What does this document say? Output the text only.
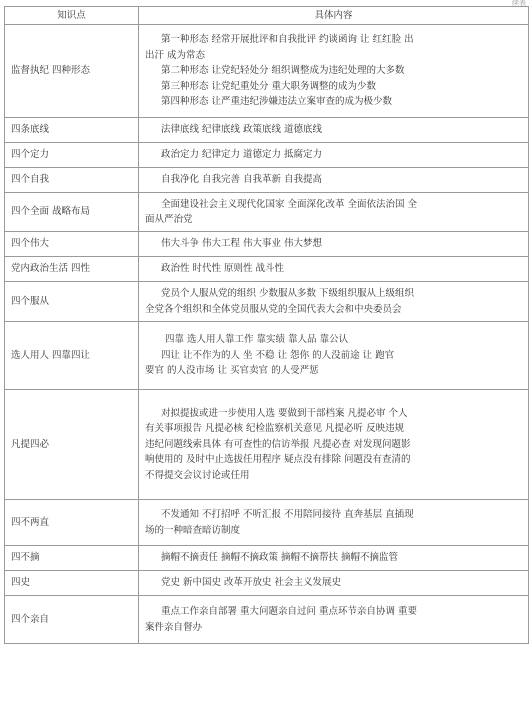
续表
知识点	具体内容
监督执纪 四种形态	第一种形态 经常开展批评和自我批评 约谈函询 让 红红脸 出
出汗 成为常态
第二种形态 让党纪轻处分 组织调整成为违纪处理的大多数
第三种形态 让党纪重处分 重大职务调整的成为少数
第四种形态 让严重违纪涉嫌违法立案审查的成为极少数

四条底线	法律底线 纪律底线 政策底线 道德底线

四个定力	政治定力 纪律定力 道德定力 抵腐定力

四个自我	自我净化 自我完善 自我革新 自我提高

四个全面 战略布局	全面建设社会主义现代化国家 全面深化改革 全面依法治国 全
面从严治党

四个伟大	伟大斗争 伟大工程 伟大事业 伟大梦想

党内政治生活 四性	政治性 时代性 原则性 战斗性

四个服从	党员个人服从党的组织 少数服从多数 下级组织服从上级组织
全党各个组织和全体党员服从党的全国代表大会和中央委员会

选人用人 四靠四让	四靠 选人用人靠工作 靠实绩 靠人品 靠公认
四让 让不作为的人 坐 不稳 让 怨你 的人没前途 让 跑官
要官 的人没市场 让 买官卖官 的人受严惩

凡提四必	对拟提拔或进一步使用人选 要做到干部档案 凡提必审 个人
有关事项报告 凡提必核 纪检监察机关意见 凡提必听 反映违规
违纪问题线索具体 有可查性的信访举报 凡提必查 对发现问题影
响使用的 及时中止选拔任用程序 疑点没有排除 问题没有查清的
不得提交会议讨论或任用

四不两直	不发通知 不打招呼 不听汇报 不用陪同接待 直奔基层 直插现
场的一种暗查暗访制度

四不摘	摘帽不摘责任 摘帽不摘政策 摘帽不摘帮扶 摘帽不摘监管

四史	党史 新中国史 改革开放史 社会主义发展史

四个亲自	重点工作亲自部署 重大问题亲自过问 重点环节亲自协调 重要
案件亲自督办
